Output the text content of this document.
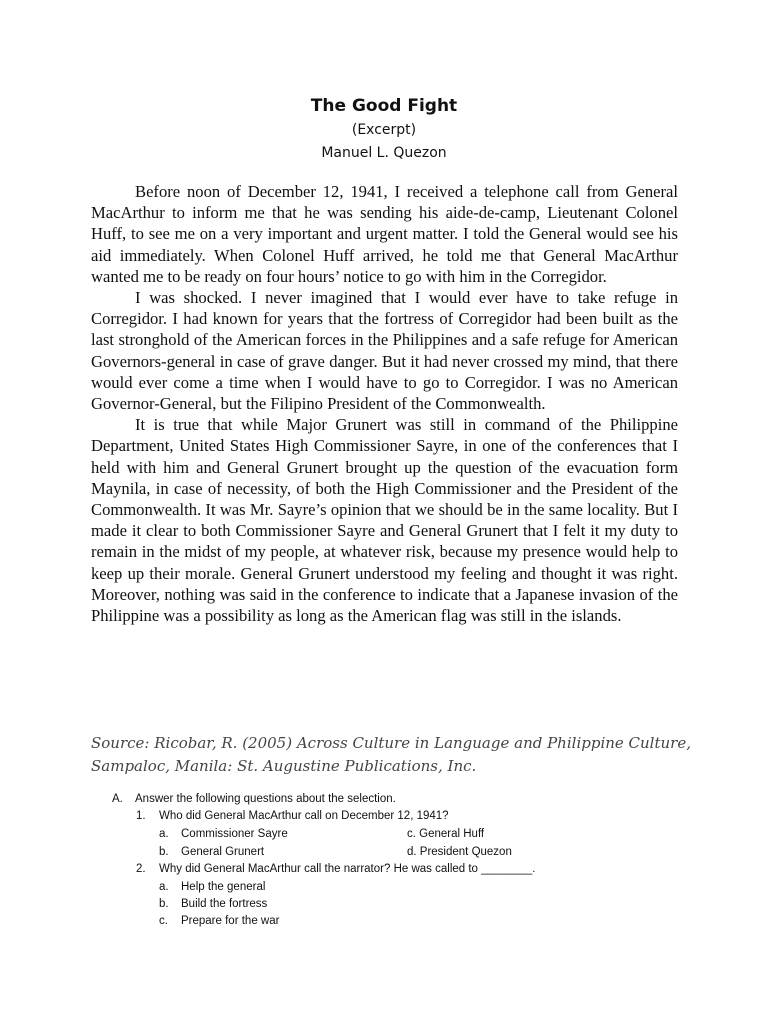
The Good Fight
(Excerpt)
Manuel L. Quezon

Before noon of December 12, 1941, I received a telephone call from General MacArthur to inform me that he was sending his aide-de-camp, Lieutenant Colonel Huff, to see me on a very important and urgent matter. I told the General would see his aid immediately. When Colonel Huff arrived, he told me that General MacArthur wanted me to be ready on four hours’ notice to go with him in the Corregidor.

I was shocked. I never imagined that I would ever have to take refuge in Corregidor. I had known for years that the fortress of Corregidor had been built as the last stronghold of the American forces in the Philippines and a safe refuge for American Governors-general in case of grave danger. But it had never crossed my mind, that there would ever come a time when I would have to go to Corregidor. I was no American Governor-General, but the Filipino President of the Commonwealth.

It is true that while Major Grunert was still in command of the Philippine Department, United States High Commissioner Sayre, in one of the conferences that I held with him and General Grunert brought up the question of the evacuation form Maynila, in case of necessity, of both the High Commissioner and the President of the Commonwealth. It was Mr. Sayre’s opinion that we should be in the same locality. But I made it clear to both Commissioner Sayre and General Grunert that I felt it my duty to remain in the midst of my people, at whatever risk, because my presence would help to keep up their morale. General Grunert understood my feeling and thought it was right. Moreover, nothing was said in the conference to indicate that a Japanese invasion of the Philippine was a possibility as long as the American flag was still in the islands.

Source: Ricobar, R. (2005) Across Culture in Language and Philippine Culture,
Sampaloc, Manila: St. Augustine Publications, Inc.
A. Answer the following questions about the selection.
1. Who did General MacArthur call on December 12, 1941?
a. Commissioner Sayre	c. General Huff
b. General Grunert	d. President Quezon
2. Why did General MacArthur call the narrator? He was called to ________.
a. Help the general
b. Build the fortress
c. Prepare for the war
